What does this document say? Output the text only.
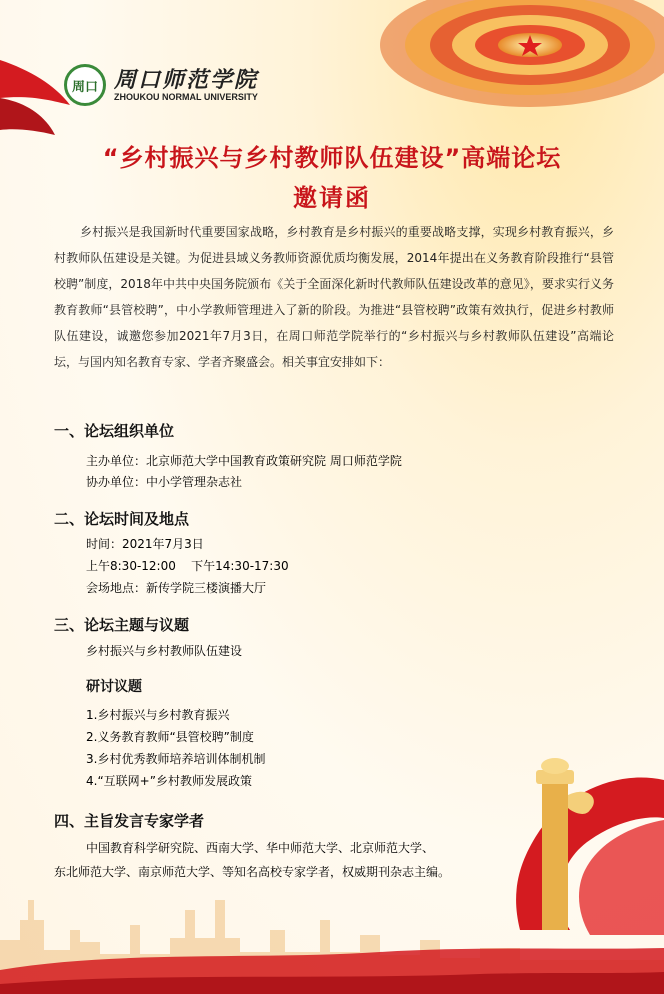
周口 周口师范学院
ZHOUKOU NORMAL UNIVERSITY
“乡村振兴与乡村教师队伍建设”高端论坛
邀请函

乡村振兴是我国新时代重要国家战略，乡村教育是乡村振兴的重要战略支撑，实现乡村教育振兴，乡村教师队伍建设是关键。为促进县域义务教师资源优质均衡发展，2014年提出在义务教育阶段推行“县管校聘”制度，2018年中共中央国务院颁布《关于全面深化新时代教师队伍建设改革的意见》，要求实行义务教育教师“县管校聘”，中小学教师管理进入了新的阶段。为推进“县管校聘”政策有效执行，促进乡村教师队伍建设，诚邀您参加2021年7月3日，在周口师范学院举行的“乡村振兴与乡村教师队伍建设”高端论坛，与国内知名教育专家、学者齐聚盛会。相关事宜安排如下：

一、论坛组织单位
主办单位：北京师范大学中国教育政策研究院 周口师范学院
协办单位：中小学管理杂志社
二、论坛时间及地点
时间：2021年7月3日
上午8:30-12:00    下午14:30-17:30
会场地点：新传学院三楼演播大厅
三、论坛主题与议题
乡村振兴与乡村教师队伍建设
研讨议题
1.乡村振兴与乡村教育振兴
2.义务教育教师“县管校聘”制度
3.乡村优秀教师培养培训体制机制
4.“互联网+”乡村教师发展政策
四、主旨发言专家学者
中国教育科学研究院、西南大学、华中师范大学、北京师范大学、
东北师范大学、南京师范大学、等知名高校专家学者，权威期刊杂志主编。
